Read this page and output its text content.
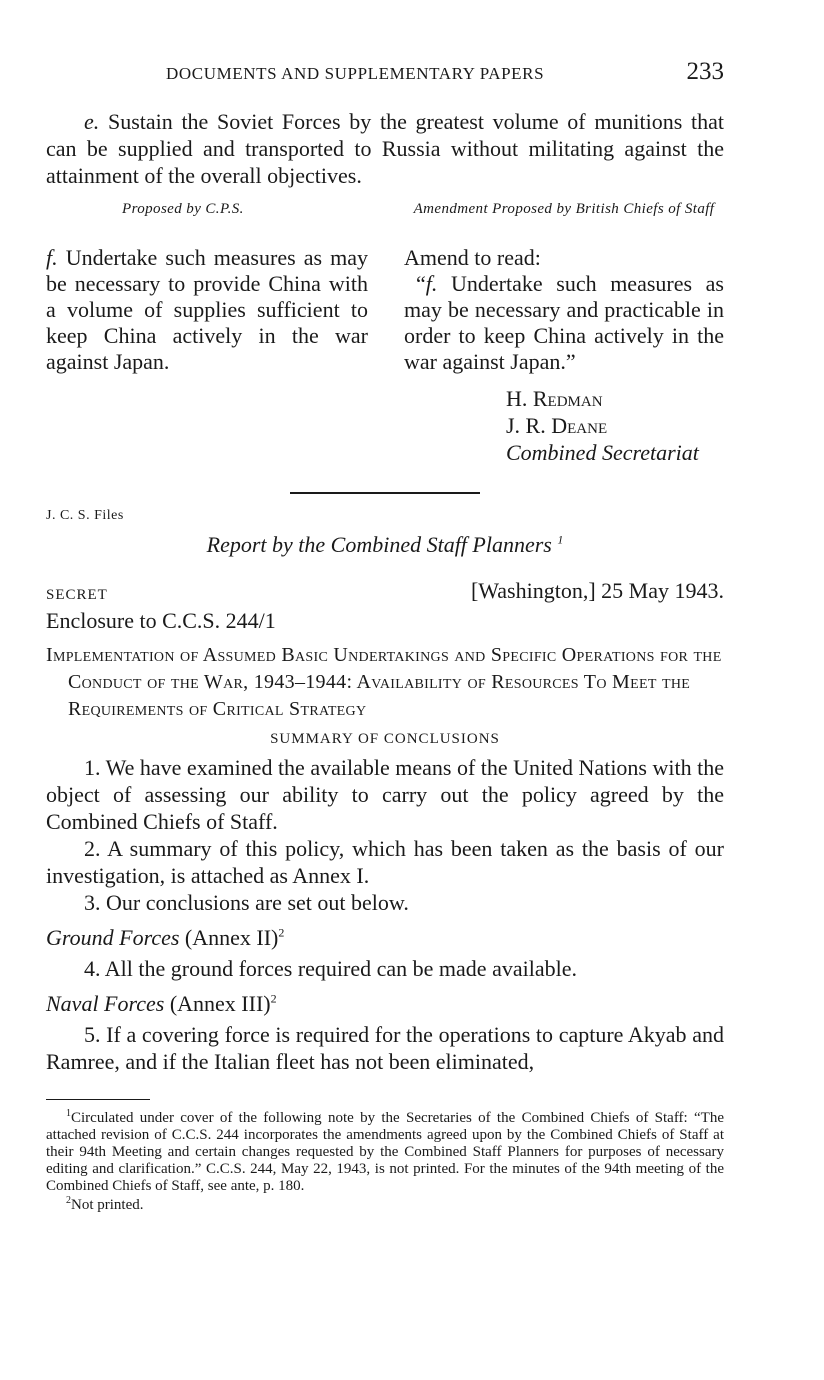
DOCUMENTS AND SUPPLEMENTARY PAPERS	233

e. Sustain the Soviet Forces by the greatest volume of munitions that can be supplied and transported to Russia without militating against the attainment of the overall objectives.

Proposed by C.P.S.

f. Undertake such measures as may be necessary to provide China with a volume of supplies sufficient to keep China actively in the war against Japan.

Amendment Proposed by British Chiefs of Staff

Amend to read:

“f. Undertake such measures as may be necessary and practicable in order to keep China actively in the war against Japan.”

H. Redman
J. R. Deane
Combined Secretariat
J. C. S. Files
Report by the Combined Staff Planners $^1$
SECRET	[Washington,] 25 May 1943.

Enclosure to C.C.S. 244/1

Implementation of Assumed Basic Undertakings and Specific Operations for the Conduct of the War, 1943–1944: Availability of Resources To Meet the Requirements of Critical Strategy
SUMMARY OF CONCLUSIONS

1. We have examined the available means of the United Nations with the object of assessing our ability to carry out the policy agreed by the Combined Chiefs of Staff.

2. A summary of this policy, which has been taken as the basis of our investigation, is attached as Annex I.

3. Our conclusions are set out below.

Ground Forces (Annex II)$^2$

4. All the ground forces required can be made available.

Naval Forces (Annex III)$^2$

5. If a covering force is required for the operations to capture Akyab and Ramree, and if the Italian fleet has not been eliminated,

$^1$Circulated under cover of the following note by the Secretaries of the Combined Chiefs of Staff: “The attached revision of C.C.S. 244 incorporates the amendments agreed upon by the Combined Chiefs of Staff at their 94th Meeting and certain changes requested by the Combined Staff Planners for purposes of necessary editing and clarification.” C.C.S. 244, May 22, 1943, is not printed. For the minutes of the 94th meeting of the Combined Chiefs of Staff, see ante, p. 180.

$^2$Not printed.
